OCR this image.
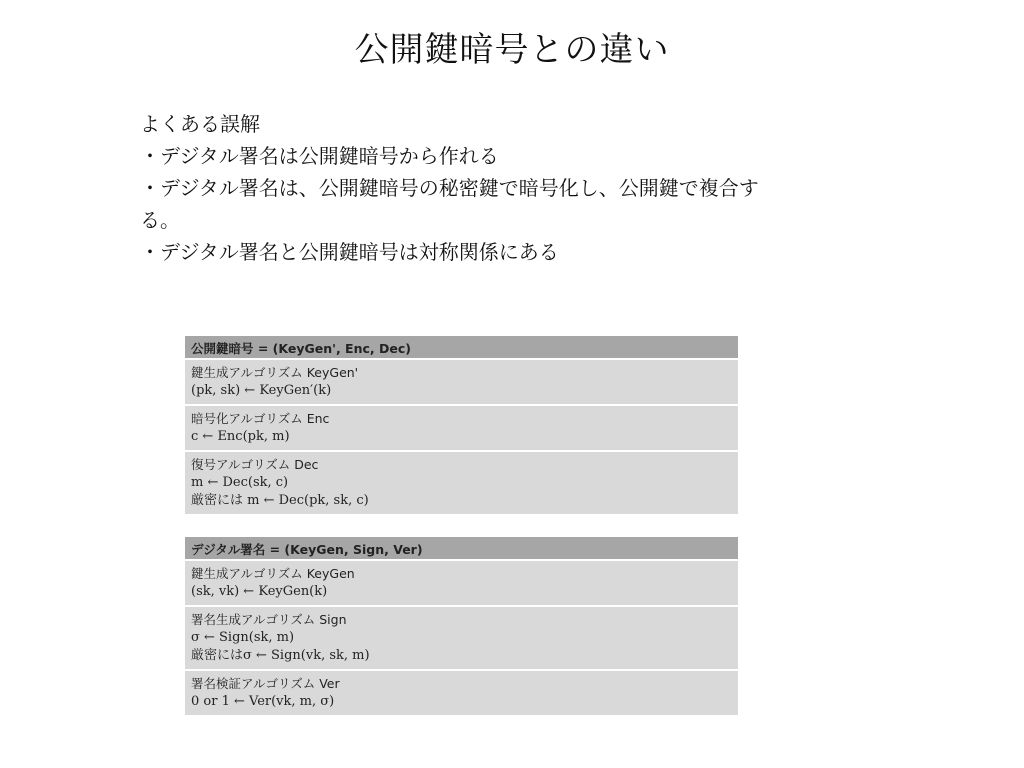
公開鍵暗号との違い
よくある誤解
・デジタル署名は公開鍵暗号から作れる
・デジタル署名は、公開鍵暗号の秘密鍵で暗号化し、公開鍵で複合す
る。
・デジタル署名と公開鍵暗号は対称関係にある
公開鍵暗号 = (KeyGen', Enc, Dec)
鍵生成アルゴリズム KeyGen'
(pk, sk) ← KeyGen′(k)
暗号化アルゴリズム Enc
c ← Enc(pk, m)
復号アルゴリズム Dec
m ← Dec(sk, c)
厳密には m ← Dec(pk, sk, c)
デジタル署名 = (KeyGen, Sign, Ver)
鍵生成アルゴリズム KeyGen
(sk, vk) ← KeyGen(k)
署名生成アルゴリズム Sign
σ ← Sign(sk, m)
厳密にはσ ← Sign(vk, sk, m)
署名検証アルゴリズム Ver
0 or 1 ← Ver(vk, m, σ)
